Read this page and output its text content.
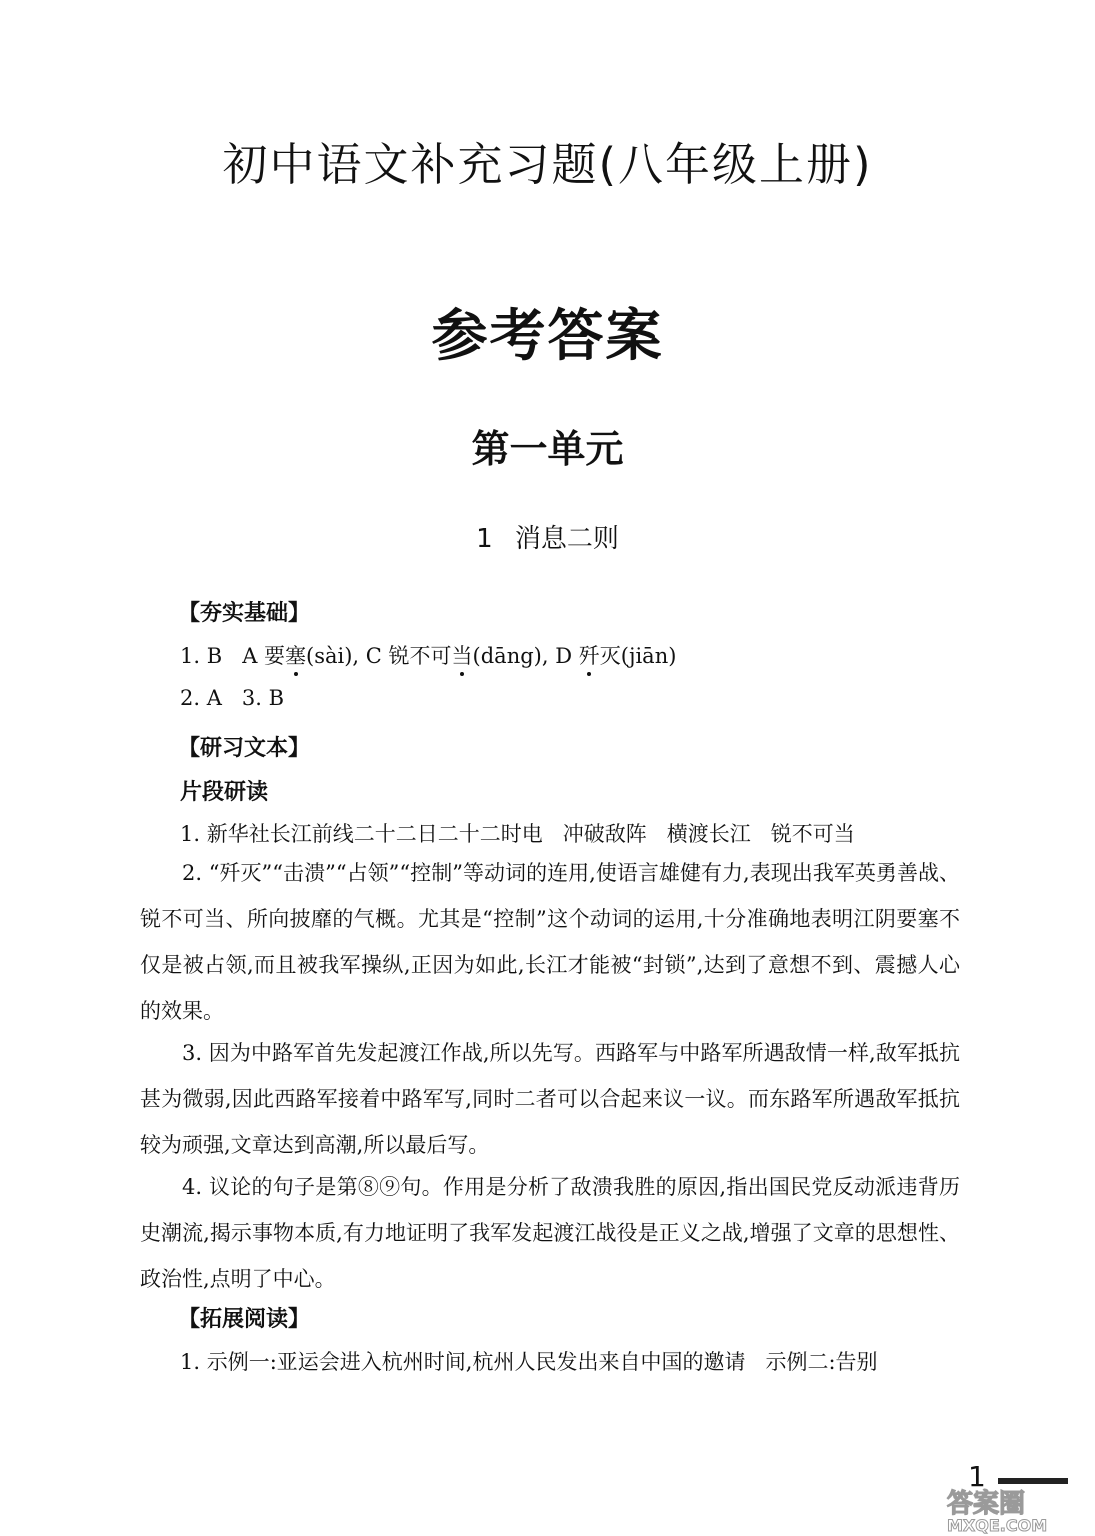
初中语文补充习题(八年级上册)
参考答案
第一单元
1 消息二则
【夯实基础】
1. B A 要塞
(sài), C 锐不可当
(dāng), D 歼
灭(jiān)
2. A   3. B
【研习文本】
片段研读
1. 新华社长江前线二十二日二十二时电   冲破敌阵   横渡长江   锐不可当
2. “歼灭”“击溃”“占领”“控制”等动词的连用,使语言雄健有力,表现出我军英勇善战、锐不可当、所向披靡的气概。尤其是“控制”这个动词的运用,十分准确地表明江阴要塞不仅是被占领,而且被我军操纵,正因为如此,长江才能被“封锁”,达到了意想不到、震撼人心的效果。
3. 因为中路军首先发起渡江作战,所以先写。西路军与中路军所遇敌情一样,敌军抵抗甚为微弱,因此西路军接着中路军写,同时二者可以合起来议一议。而东路军所遇敌军抵抗较为顽强,文章达到高潮,所以最后写。
4. 议论的句子是第⑧⑨句。作用是分析了敌溃我胜的原因,指出国民党反动派违背历史潮流,揭示事物本质,有力地证明了我军发起渡江战役是正义之战,增强了文章的思想性、政治性,点明了中心。
【拓展阅读】
1. 示例一:亚运会进入杭州时间,杭州人民发出来自中国的邀请   示例二:告别
1
答案圈
MXQE.COM
